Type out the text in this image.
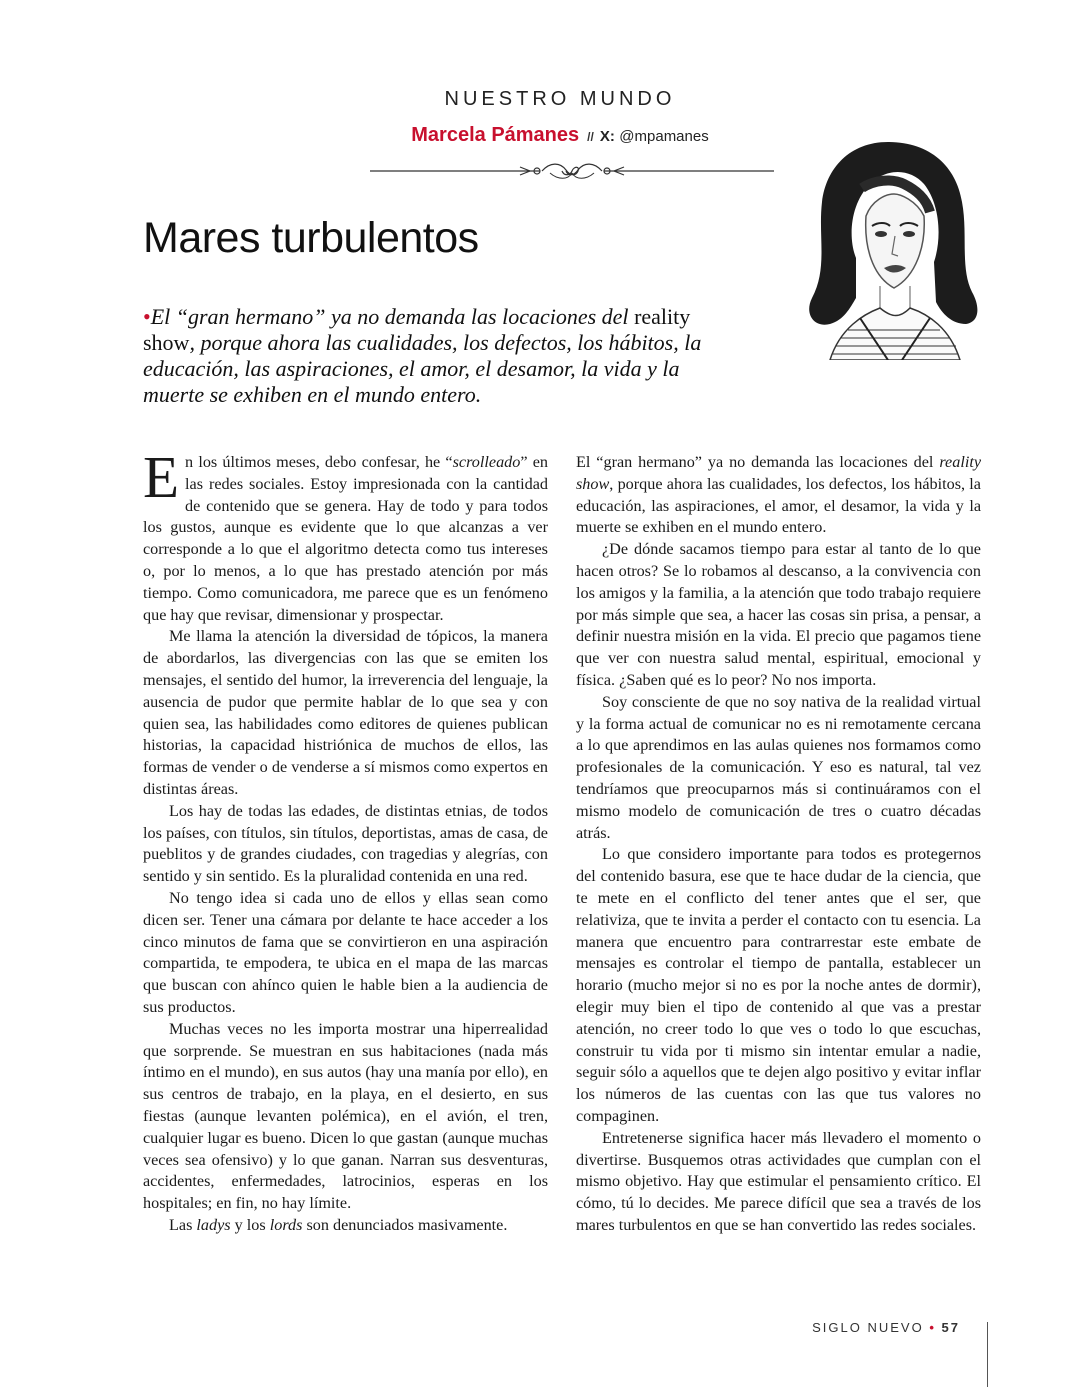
NUESTRO MUNDO
Marcela Pámanes // X: @mpamanes
Mares turbulentos
•El “gran hermano” ya no demanda las locaciones del reality show, porque ahora las cualidades, los defectos, los hábitos, la educación, las aspiraciones, el amor, el desamor, la vida y la muerte se exhiben en el mundo entero.

En los últimos meses, debo confesar, he “scrolleado” en las redes sociales. Estoy impresionada con la cantidad de contenido que se genera. Hay de todo y para todos los gustos, aunque es evidente que lo que alcanzas a ver corresponde a lo que el algoritmo detecta como tus intereses o, por lo menos, a lo que has prestado atención por más tiempo. Como comunicadora, me parece que es un fenómeno que hay que revisar, dimensionar y prospectar.

Me llama la atención la diversidad de tópicos, la manera de abordarlos, las divergencias con las que se emiten los mensajes, el sentido del humor, la irreverencia del lenguaje, la ausencia de pudor que permite hablar de lo que sea y con quien sea, las habilidades como editores de quienes publican historias, la capacidad histriónica de muchos de ellos, las formas de vender o de venderse a sí mismos como expertos en distintas áreas.

Los hay de todas las edades, de distintas etnias, de todos los países, con títulos, sin títulos, deportistas, amas de casa, de pueblitos y de grandes ciudades, con tragedias y alegrías, con sentido y sin sentido. Es la pluralidad contenida en una red.

No tengo idea si cada uno de ellos y ellas sean como dicen ser. Tener una cámara por delante te hace acceder a los cinco minutos de fama que se convirtieron en una aspiración compartida, te empodera, te ubica en el mapa de las marcas que buscan con ahínco quien le hable bien a la audiencia de sus productos.

Muchas veces no les importa mostrar una hiperrealidad que sorprende. Se muestran en sus habitaciones (nada más íntimo en el mundo), en sus autos (hay una manía por ello), en sus centros de trabajo, en la playa, en el desierto, en sus fiestas (aunque levanten polémica), en el avión, el tren, cualquier lugar es bueno. Dicen lo que gastan (aunque muchas veces sea ofensivo) y lo que ganan. Narran sus desventuras, accidentes, enfermedades, latrocinios, esperas en los hospitales; en fin, no hay límite.

Las ladys y los lords son denunciados masivamente.

El “gran hermano” ya no demanda las locaciones del reality show, porque ahora las cualidades, los defectos, los hábitos, la educación, las aspiraciones, el amor, el desamor, la vida y la muerte se exhiben en el mundo entero.

¿De dónde sacamos tiempo para estar al tanto de lo que hacen otros? Se lo robamos al descanso, a la convivencia con los amigos y la familia, a la atención que todo trabajo requiere por más simple que sea, a hacer las cosas sin prisa, a pensar, a definir nuestra misión en la vida. El precio que pagamos tiene que ver con nuestra salud mental, espiritual, emocional y física. ¿Saben qué es lo peor? No nos importa.

Soy consciente de que no soy nativa de la realidad virtual y la forma actual de comunicar no es ni remotamente cercana a lo que aprendimos en las aulas quienes nos formamos como profesionales de la comunicación. Y eso es natural, tal vez tendríamos que preocuparnos más si continuáramos con el mismo modelo de comunicación de tres o cuatro décadas atrás.

Lo que considero importante para todos es protegernos del contenido basura, ese que te hace dudar de la ciencia, que te mete en el conflicto del tener antes que el ser, que relativiza, que te invita a perder el contacto con tu esencia. La manera que encuentro para contrarrestar este embate de mensajes es controlar el tiempo de pantalla, establecer un horario (mucho mejor si no es por la noche antes de dormir), elegir muy bien el tipo de contenido al que vas a prestar atención, no creer todo lo que ves o todo lo que escuchas, construir tu vida por ti mismo sin intentar emular a nadie, seguir sólo a aquellos que te dejen algo positivo y evitar inflar los números de las cuentas con las que tus valores no compaginen.

Entretenerse significa hacer más llevadero el momento o divertirse. Busquemos otras actividades que cumplan con el mismo objetivo. Hay que estimular el pensamiento crítico. El cómo, tú lo decides. Me parece difícil que sea a través de los mares turbulentos en que se han convertido las redes sociales.

SIGLO NUEVO • 57
